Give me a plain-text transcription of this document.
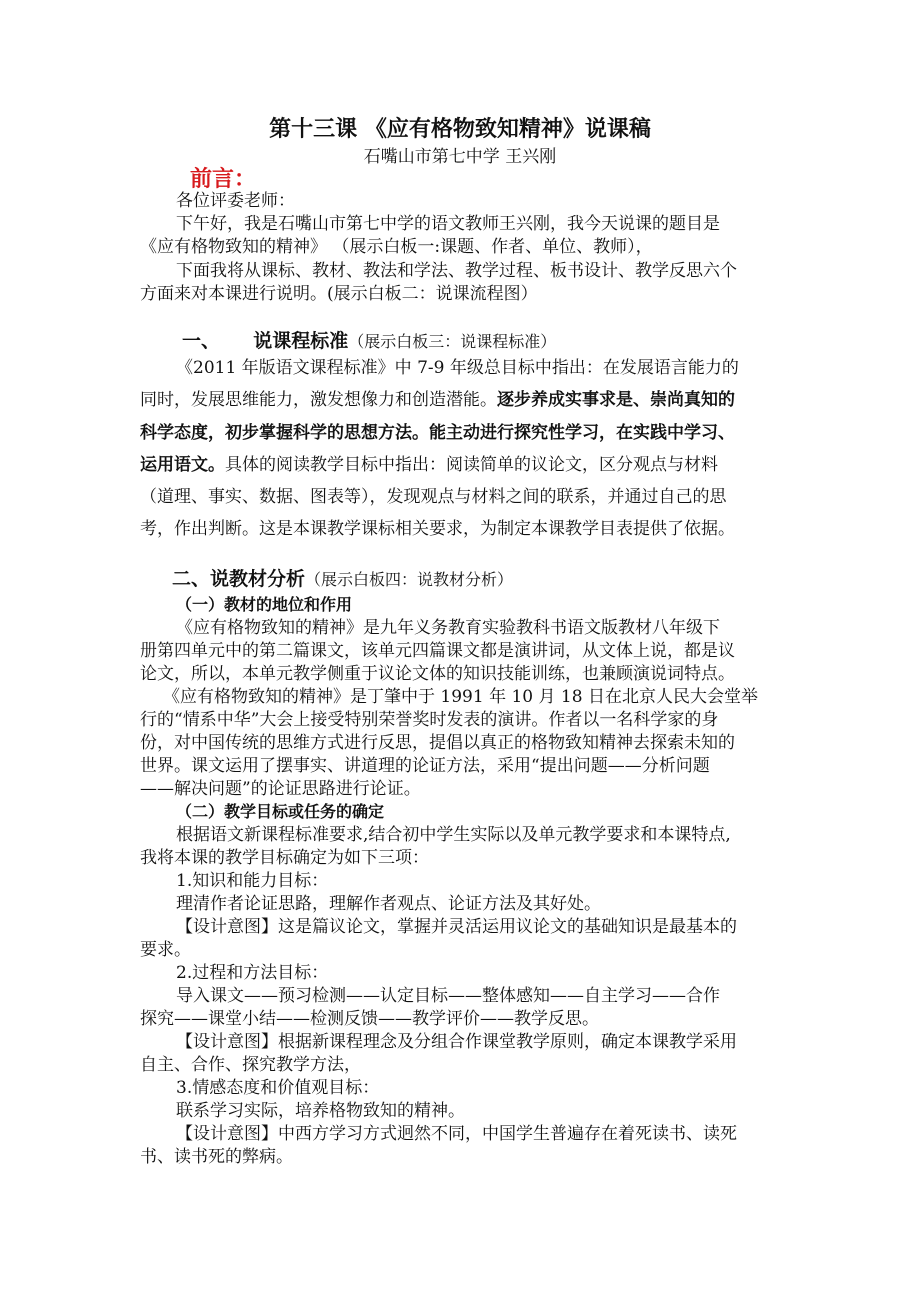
第十三课 《应有格物致知精神》说课稿
石嘴山市第七中学 王兴刚
前言：
各位评委老师：
下午好，我是石嘴山市第七中学的语文教师王兴刚，我今天说课的题目是
《应有格物致知的精神》 （展示白板一:课题、作者、单位、教师），
下面我将从课标、教材、教法和学法、教学过程、板书设计、教学反思六个
方面来对本课进行说明。(展示白板二：说课流程图）
一、 说课程标准（展示白板三：说课程标准）
《2011 年版语文课程标准》中 7-9 年级总目标中指出：在发展语言能力的
同时，发展思维能力，激发想像力和创造潜能。逐步养成实事求是、崇尚真知的
科学态度，初步掌握科学的思想方法。能主动进行探究性学习，在实践中学习、
运用语文。具体的阅读教学目标中指出：阅读简单的议论文，区分观点与材料
（道理、事实、数据、图表等），发现观点与材料之间的联系，并通过自己的思
考，作出判断。这是本课教学课标相关要求，为制定本课教学目表提供了依据。
二、说教材分析（展示白板四：说教材分析）
（一）教材的地位和作用
《应有格物致知的精神》是九年义务教育实验教科书语文版教材八年级下
册第四单元中的第二篇课文，该单元四篇课文都是演讲词，从文体上说，都是议
论文，所以，本单元教学侧重于议论文体的知识技能训练，也兼顾演说词特点。
《应有格物致知的精神》是丁肇中于 1991 年 10 月 18 日在北京人民大会堂举
行的“情系中华”大会上接受特别荣誉奖时发表的演讲。作者以一名科学家的身
份，对中国传统的思维方式进行反思，提倡以真正的格物致知精神去探索未知的
世界。课文运用了摆事实、讲道理的论证方法，采用“提出问题——分析问题
——解决问题”的论证思路进行论证。
（二）教学目标或任务的确定
根据语文新课程标准要求,结合初中学生实际以及单元教学要求和本课特点,
我将本课的教学目标确定为如下三项：
1.知识和能力目标：
理清作者论证思路，理解作者观点、论证方法及其好处。
【设计意图】这是篇议论文，掌握并灵活运用议论文的基础知识是最基本的
要求。
2.过程和方法目标：
导入课文——预习检测——认定目标——整体感知——自主学习——合作
探究——课堂小结——检测反馈——教学评价——教学反思。
【设计意图】根据新课程理念及分组合作课堂教学原则，确定本课教学采用
自主、合作、探究教学方法，
3.情感态度和价值观目标：
联系学习实际，培养格物致知的精神。
【设计意图】中西方学习方式迥然不同，中国学生普遍存在着死读书、读死
书、读书死的弊病。
